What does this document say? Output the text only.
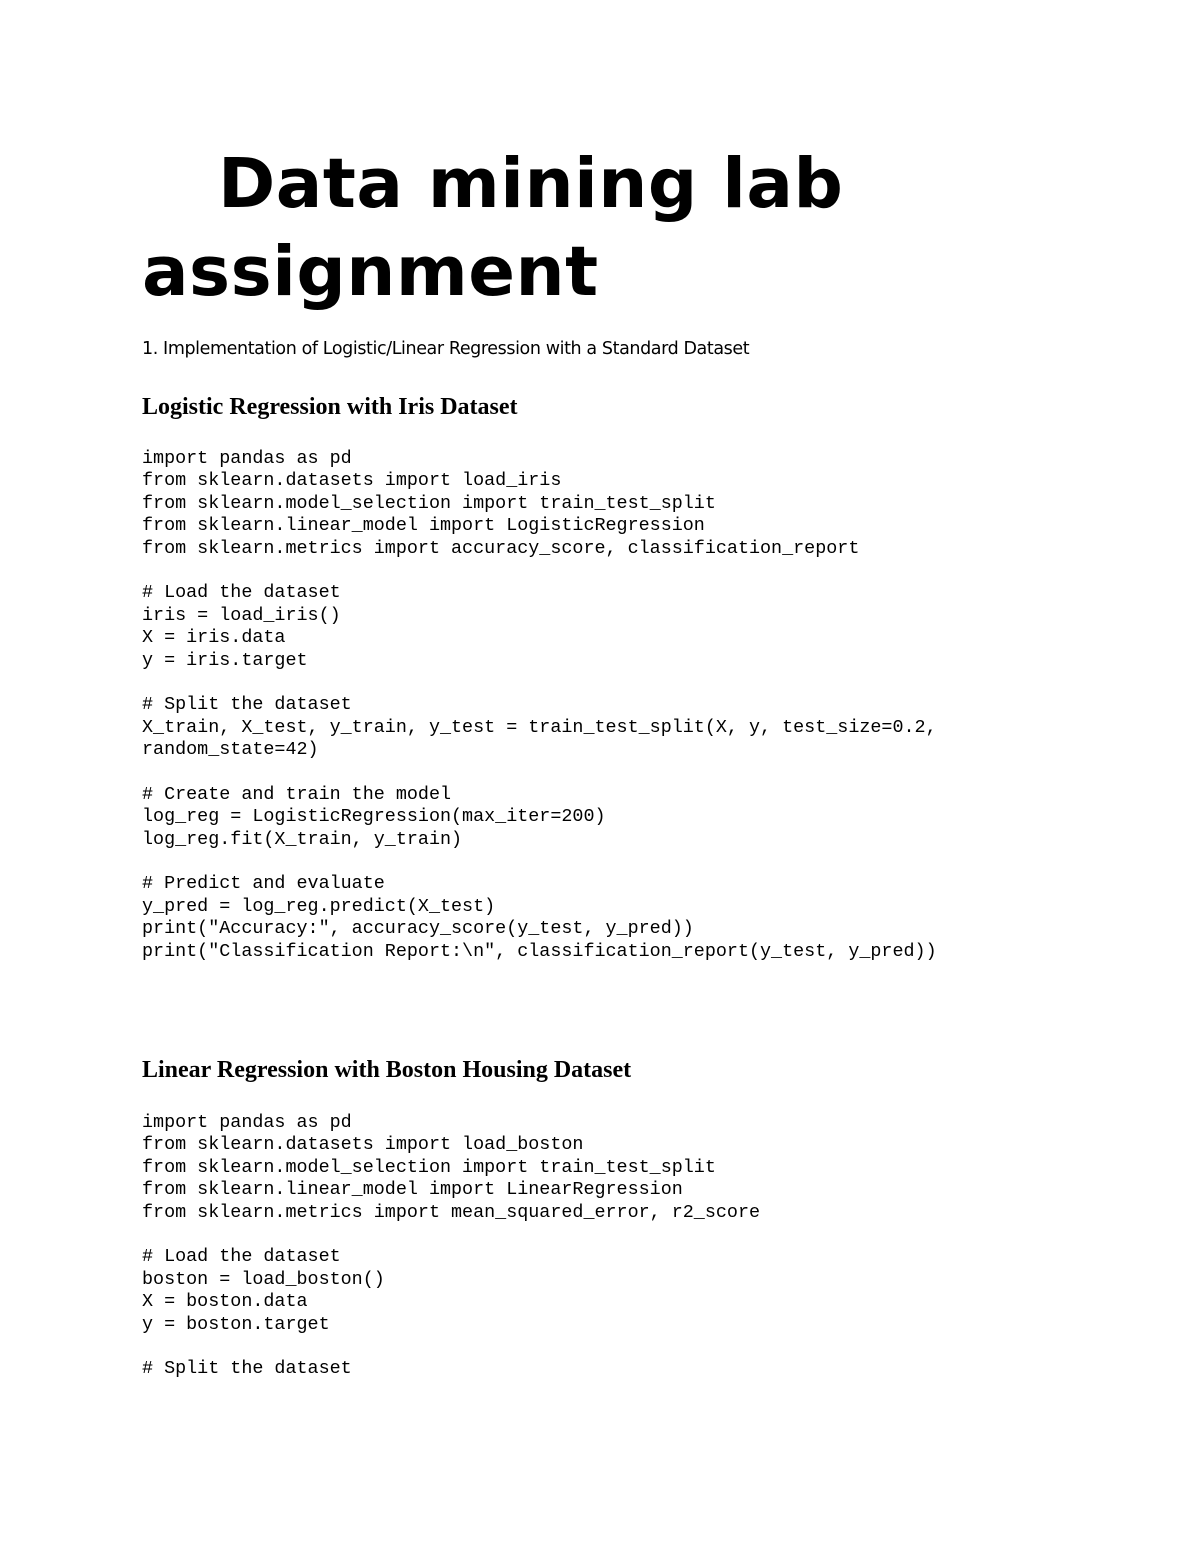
Data mining lab
assignment

1. Implementation of Logistic/Linear Regression with a Standard Dataset

Logistic Regression with Iris Dataset
import pandas as pd
from sklearn.datasets import load_iris
from sklearn.model_selection import train_test_split
from sklearn.linear_model import LogisticRegression
from sklearn.metrics import accuracy_score, classification_report
# Load the dataset
iris = load_iris()
X = iris.data
y = iris.target
# Split the dataset
X_train, X_test, y_train, y_test = train_test_split(X, y, test_size=0.2,
random_state=42)
# Create and train the model
log_reg = LogisticRegression(max_iter=200)
log_reg.fit(X_train, y_train)
# Predict and evaluate
y_pred = log_reg.predict(X_test)
print("Accuracy:", accuracy_score(y_test, y_pred))
print("Classification Report:\n", classification_report(y_test, y_pred))
Linear Regression with Boston Housing Dataset
import pandas as pd
from sklearn.datasets import load_boston
from sklearn.model_selection import train_test_split
from sklearn.linear_model import LinearRegression
from sklearn.metrics import mean_squared_error, r2_score
# Load the dataset
boston = load_boston()
X = boston.data
y = boston.target
# Split the dataset
